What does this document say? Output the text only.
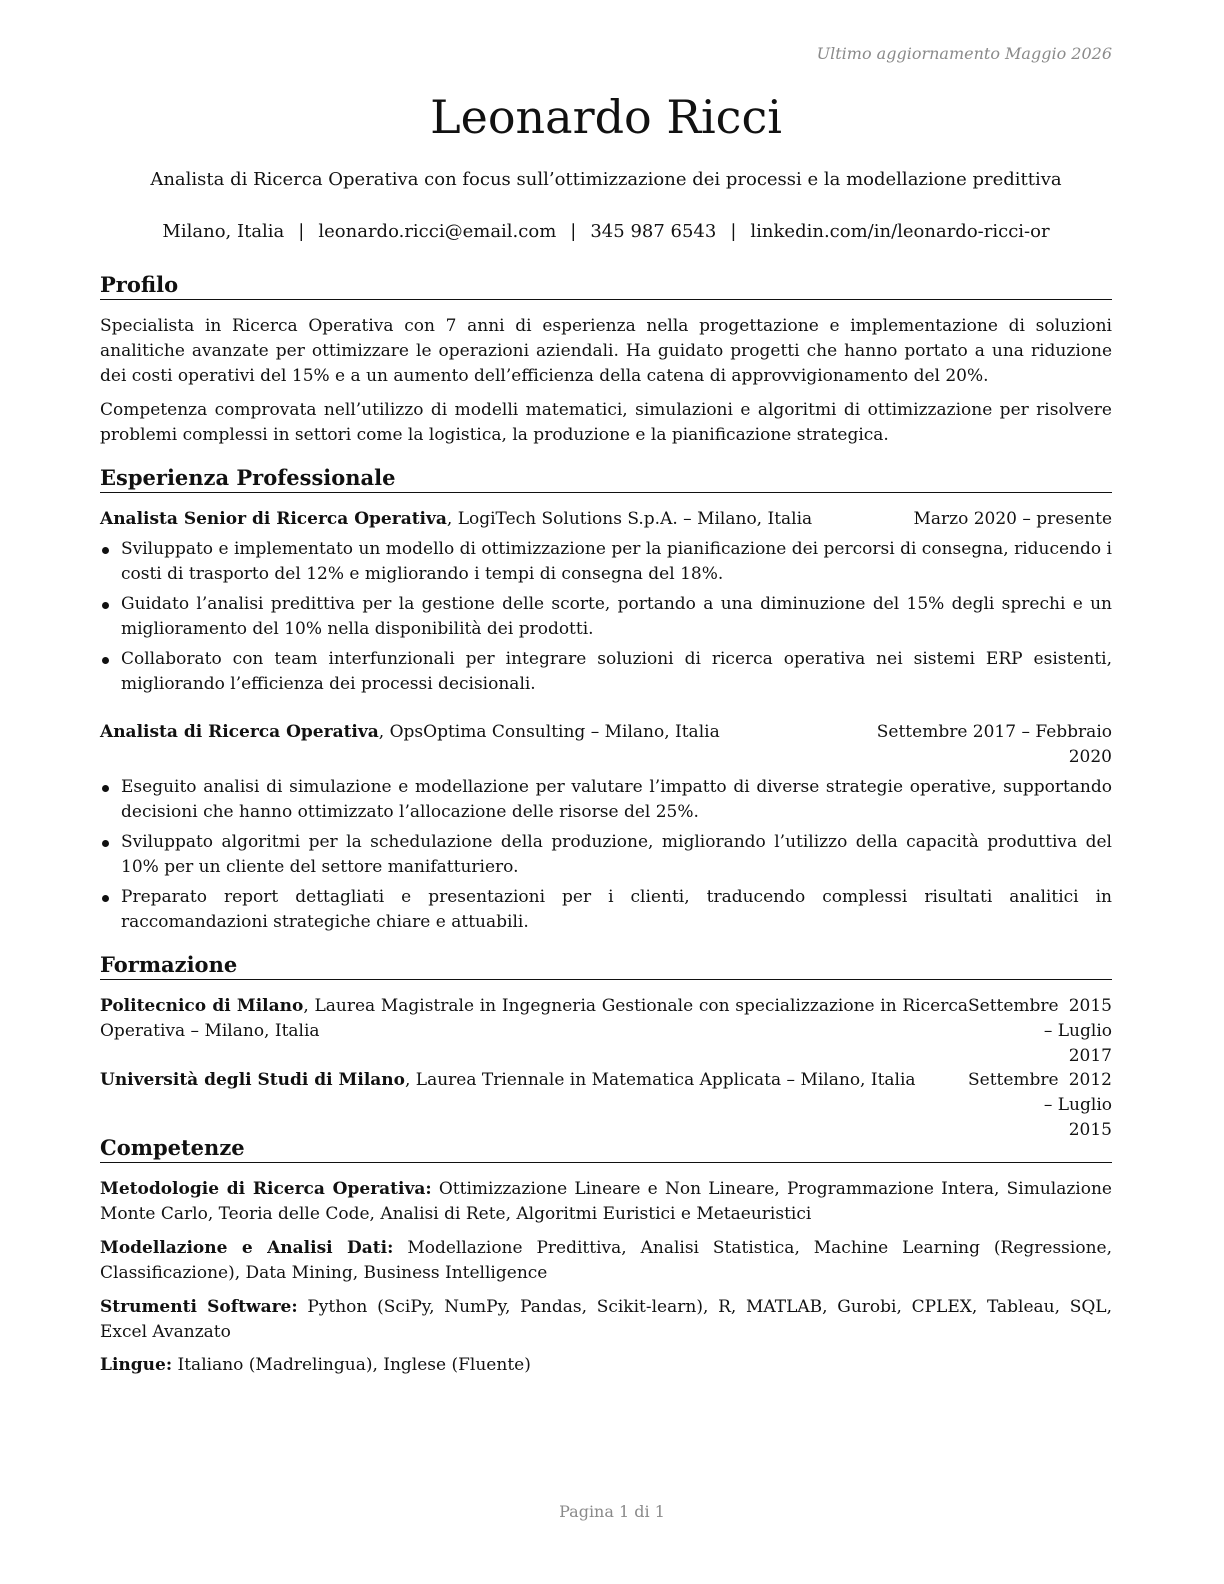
Ultimo aggiornamento Maggio 2026
Leonardo Ricci
Analista di Ricerca Operativa con focus sull’ottimizzazione dei processi e la modellazione predittiva
Milano, Italia | leonardo.ricci@email.com | 345 987 6543 | linkedin.com/in/leonardo-ricci-or
Profilo

Specialista in Ricerca Operativa con 7 anni di esperienza nella progettazione e implementazione di soluzioni analitiche avanzate per ottimizzare le operazioni aziendali. Ha guidato progetti che hanno portato a una riduzione dei costi operativi del 15% e a un aumento dell’efficienza della catena di approvvigionamento del 20%.

Competenza comprovata nell’utilizzo di modelli matematici, simulazioni e algoritmi di ottimizzazione per risolvere problemi complessi in settori come la logistica, la produzione e la pianificazione strategica.

Esperienza Professionale
Analista Senior di Ricerca Operativa, LogiTech Solutions S.p.A. – Milano, Italia	Marzo 2020 – presente
Sviluppato e implementato un modello di ottimizzazione per la pianificazione dei percorsi di consegna, riducendo i costi di trasporto del 12% e migliorando i tempi di consegna del 18%.
Guidato l’analisi predittiva per la gestione delle scorte, portando a una diminuzione del 15% degli sprechi e un miglioramento del 10% nella disponibilità dei prodotti.
Collaborato con team interfunzionali per integrare soluzioni di ricerca operativa nei sistemi ERP esistenti, migliorando l’efficienza dei processi decisionali.
Analista di Ricerca Operativa, OpsOptima Consulting – Milano, Italia	Settembre 2017 – Febbraio
2020
Eseguito analisi di simulazione e modellazione per valutare l’impatto di diverse strategie operative, supportando decisioni che hanno ottimizzato l’allocazione delle risorse del 25%.
Sviluppato algoritmi per la schedulazione della produzione, migliorando l’utilizzo della capacità produttiva del 10% per un cliente del settore manifatturiero.
Preparato report dettagliati e presentazioni per i clienti, traducendo complessi risultati analitici in raccomandazioni strategiche chiare e attuabili.
Formazione
Politecnico di Milano, Laurea Magistrale in Ingegneria Gestionale con specializzazione in Ricerca Operativa – Milano, Italia
Settembre 2015 – Luglio
2017
Università degli Studi di Milano, Laurea Triennale in Matematica Applicata – Milano, Italia	Settembre 2012 – Luglio
2015
Competenze

Metodologie di Ricerca Operativa: Ottimizzazione Lineare e Non Lineare, Programmazione Intera, Simulazione Monte Carlo, Teoria delle Code, Analisi di Rete, Algoritmi Euristici e Metaeuristici

Modellazione e Analisi Dati: Modellazione Predittiva, Analisi Statistica, Machine Learning (Regressione, Classificazione), Data Mining, Business Intelligence

Strumenti Software: Python (SciPy, NumPy, Pandas, Scikit-learn), R, MATLAB, Gurobi, CPLEX, Tableau, SQL, Excel Avanzato

Lingue: Italiano (Madrelingua), Inglese (Fluente)

Pagina 1 di 1
